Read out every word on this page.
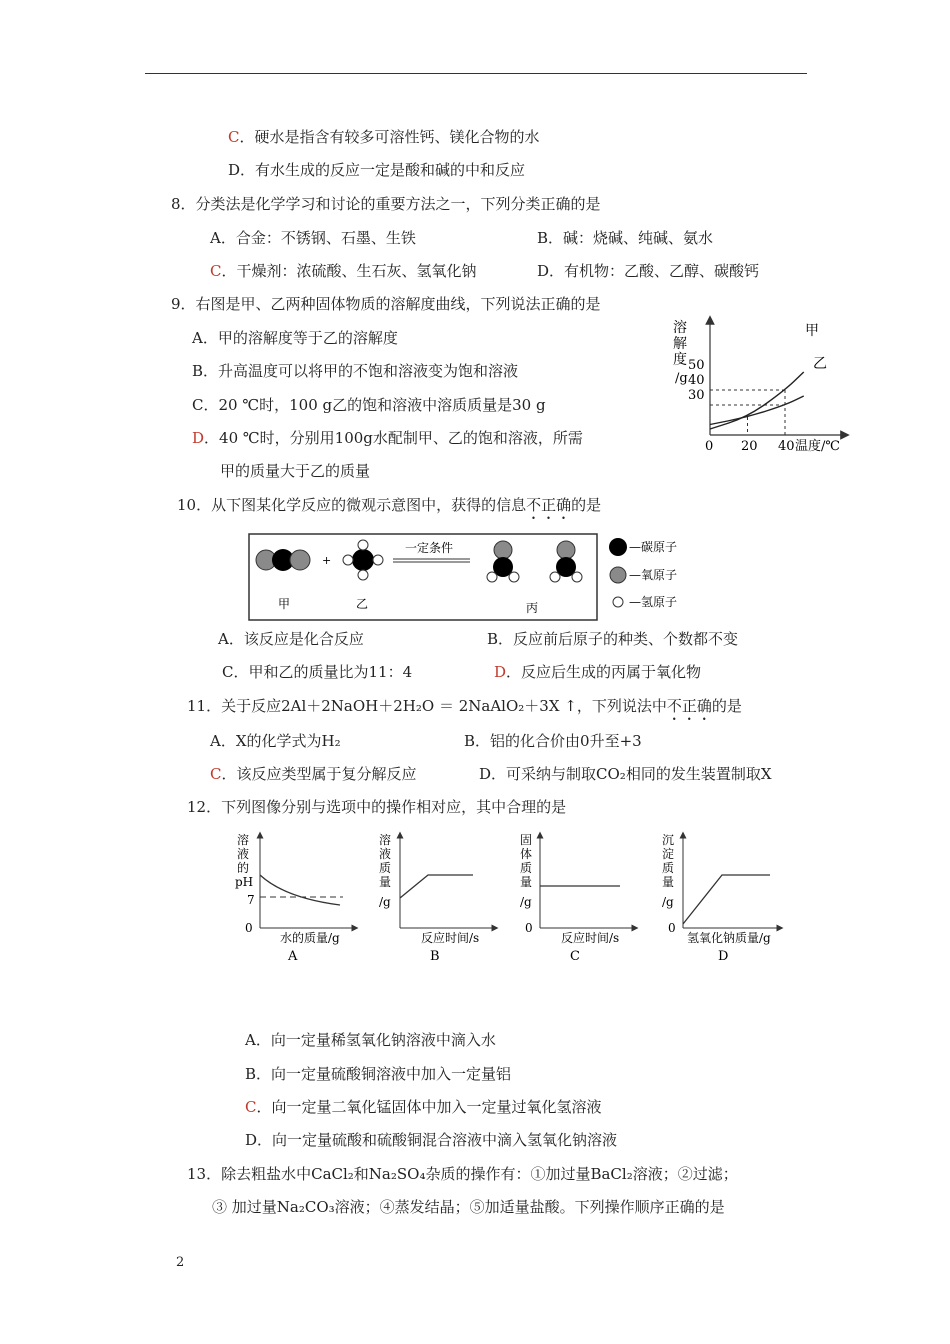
C．硬水是指含有较多可溶性钙、镁化合物的水
D．有水生成的反应一定是酸和碱的中和反应
8．分类法是化学学习和讨论的重要方法之一，下列分类正确的是
A．合金：不锈钢、石墨、生铁	B．碱：烧碱、纯碱、氨水
C．干燥剂：浓硫酸、生石灰、氢氧化钠	D．有机物：乙酸、乙醇、碳酸钙
9．右图是甲、乙两种固体物质的溶解度曲线，下列说法正确的是
A．甲的溶解度等于乙的溶解度
B．升高温度可以将甲的不饱和溶液变为饱和溶液
C．20 ℃时，100 g乙的饱和溶液中溶质质量是30 g
D．40 ℃时，分别用100g水配制甲、乙的饱和溶液，所需
甲的质量大于乙的质量
溶
解
度
/g
甲
乙
0 20 40 温度/℃
30
40
50
10．从下图某化学反应的微观示意图中，获得的信息不正确的是
+
一定条件
甲	乙	丙
—碳原子
—氧原子
—氢原子
A．该反应是化合反应	B．反应前后原子的种类、个数都不变
C．甲和乙的质量比为11：4	D．反应后生成的丙属于氧化物
11．关于反应2Al＋2NaOH＋2H₂O ＝ 2NaAlO₂＋3X ↑，下列说法中不正确的是
A．X的化学式为H₂	B．铝的化合价由0升至+3
C．该反应类型属于复分解反应	D．可采纳与制取CO₂相同的发生装置制取X
12．下列图像分别与选项中的操作相对应，其中合理的是
溶
液
的
pH
7
0
水的质量/g
A
溶
液
质
量
/g
反应时间/s
B
固
体
质
量
/g
0
反应时间/s
C
沉
淀
质
量
/g
0
氢氧化钠质量/g
D
A．向一定量稀氢氧化钠溶液中滴入水
B．向一定量硫酸铜溶液中加入一定量铝
C．向一定量二氧化锰固体中加入一定量过氧化氢溶液
D．向一定量硫酸和硫酸铜混合溶液中滴入氢氧化钠溶液
13．除去粗盐水中CaCl₂和Na₂SO₄杂质的操作有：①加过量BaCl₂溶液；②过滤；
③ 加过量Na₂CO₃溶液；④蒸发结晶；⑤加适量盐酸。下列操作顺序正确的是
2
